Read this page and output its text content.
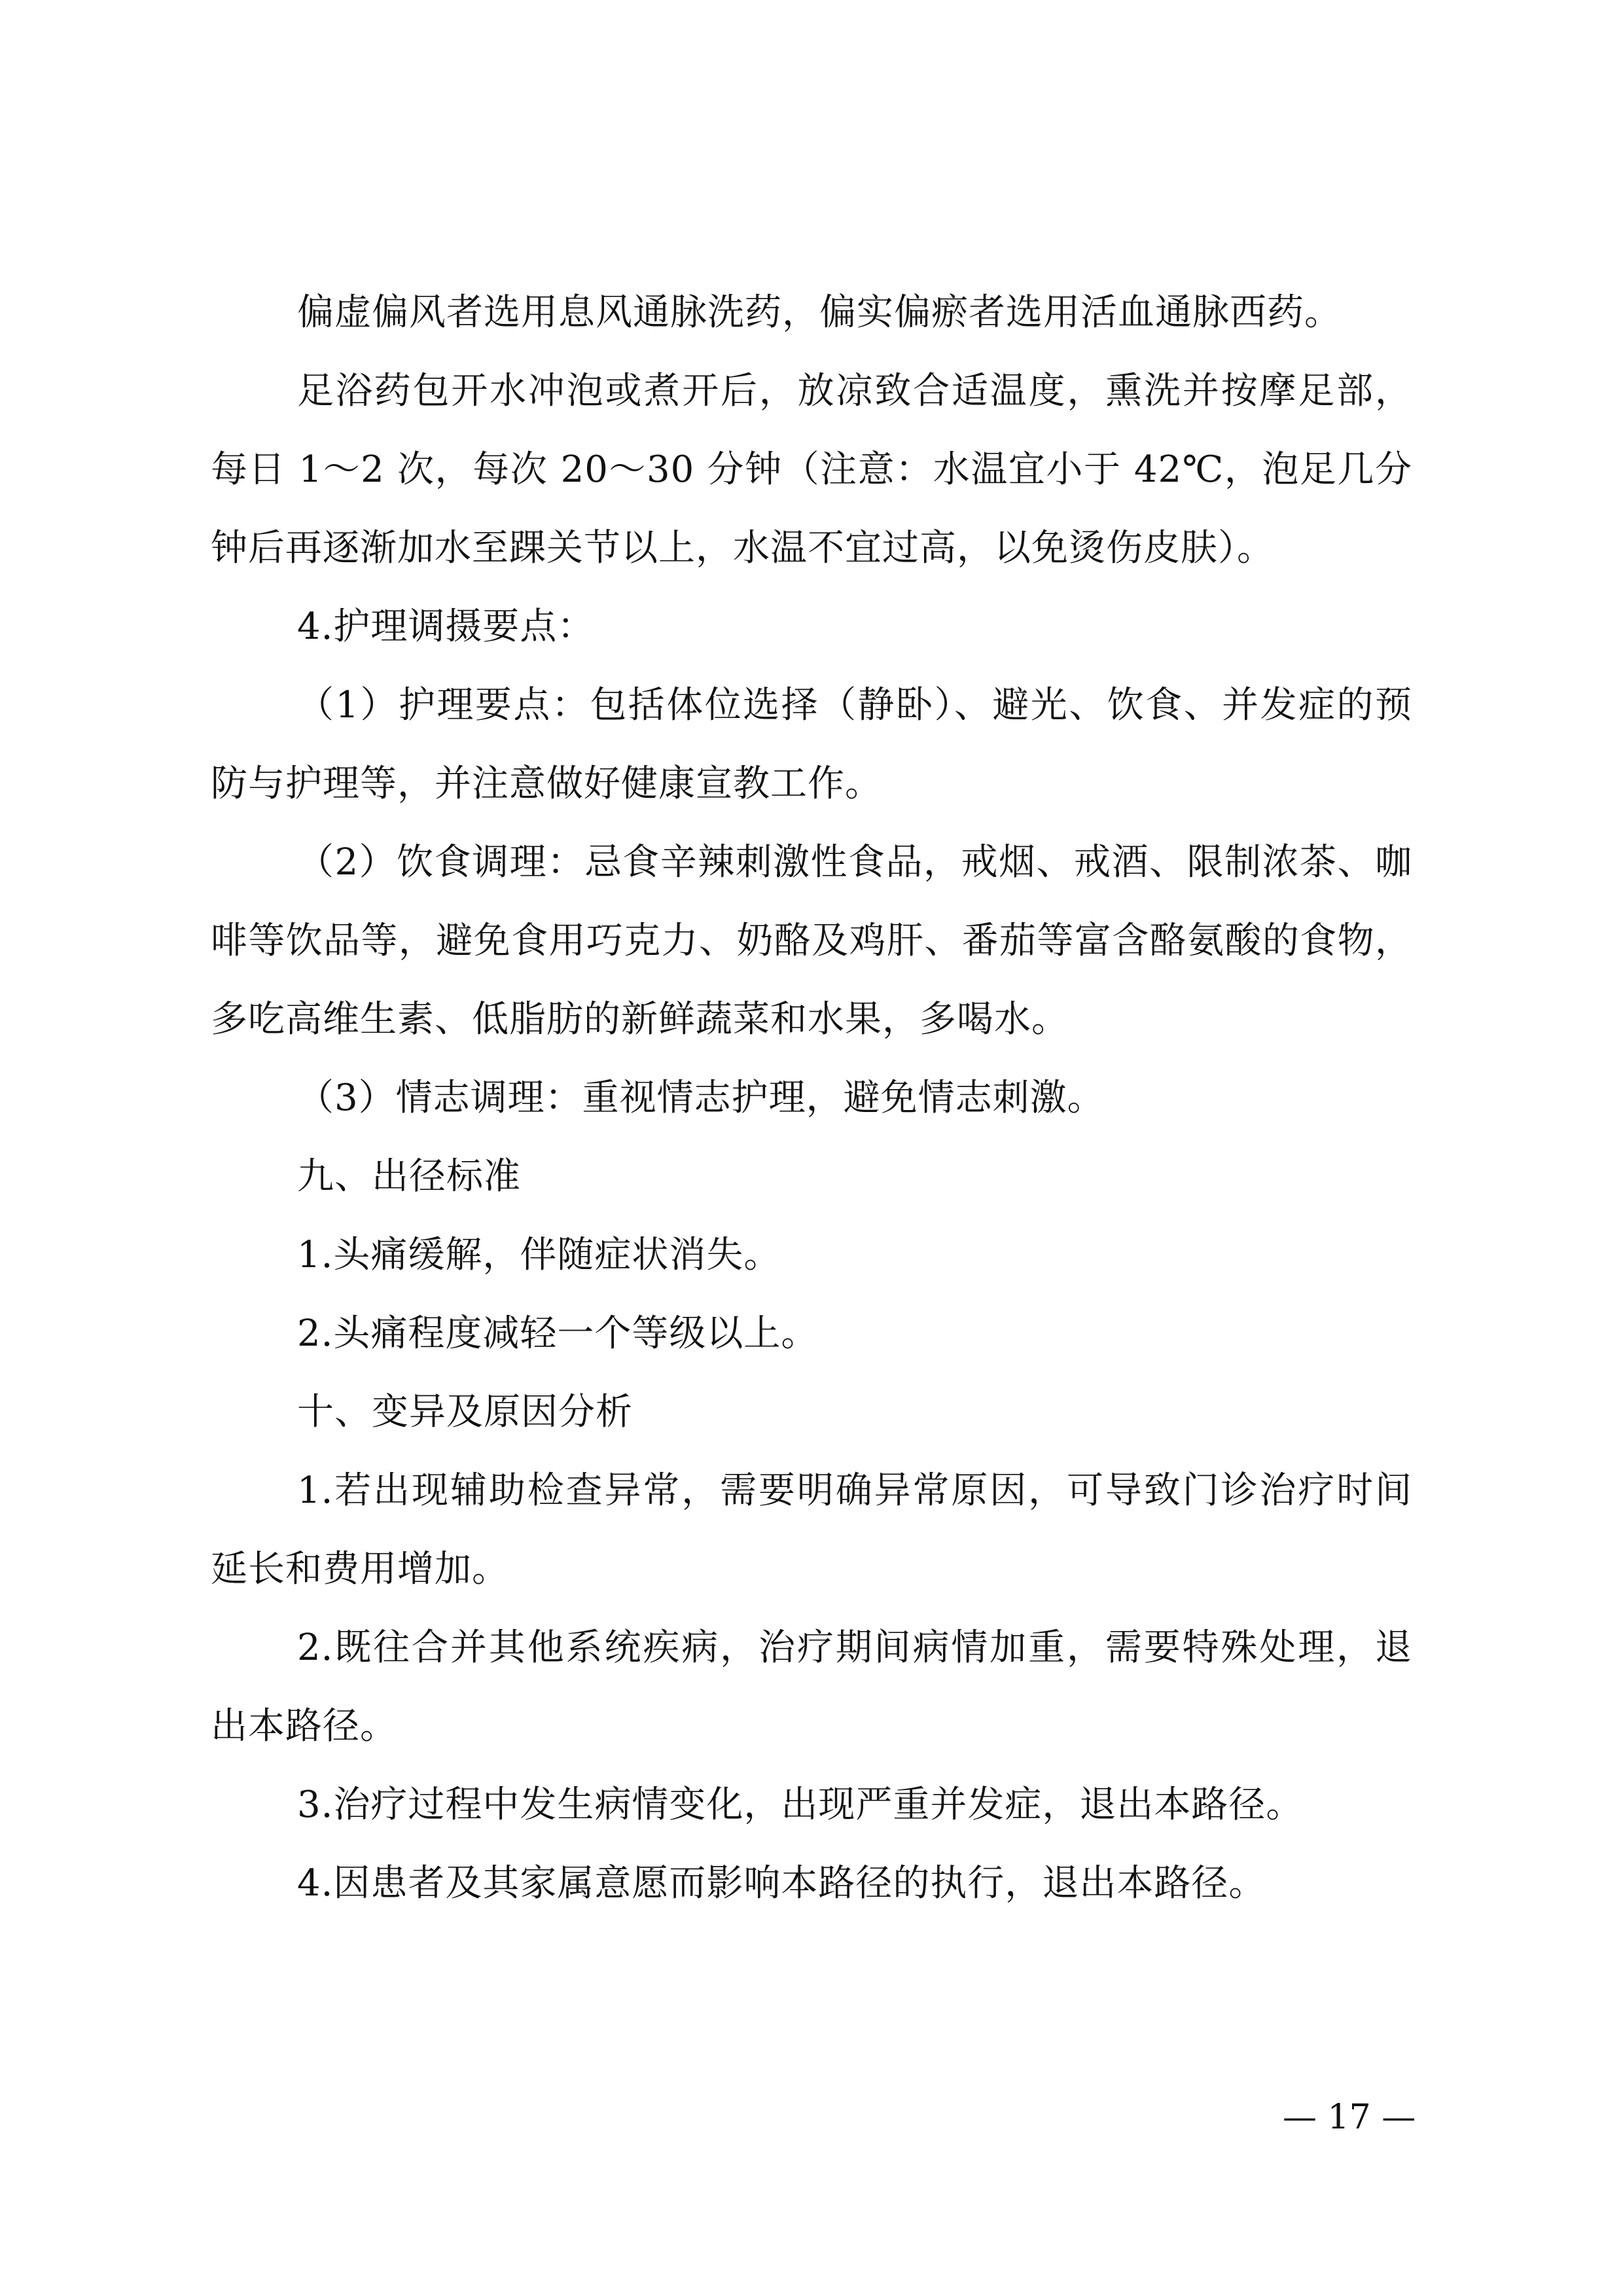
偏虚偏风者选用息风通脉洗药，偏实偏瘀者选用活血通脉西药。

足浴药包开水冲泡或煮开后，放凉致合适温度，熏洗并按摩足部，每日 1～2 次，每次 20～30 分钟（注意：水温宜小于 42℃，泡足几分钟后再逐渐加水至踝关节以上，水温不宜过高，以免烫伤皮肤）。

4.护理调摄要点：

（1）护理要点：包括体位选择（静卧）、避光、饮食、并发症的预防与护理等，并注意做好健康宣教工作。

（2）饮食调理：忌食辛辣刺激性食品，戒烟、戒酒、限制浓茶、咖啡等饮品等，避免食用巧克力、奶酪及鸡肝、番茄等富含酪氨酸的食物，多吃高维生素、低脂肪的新鲜蔬菜和水果，多喝水。

（3）情志调理：重视情志护理，避免情志刺激。

九、出径标准

1.头痛缓解，伴随症状消失。

2.头痛程度减轻一个等级以上。

十、变异及原因分析

1.若出现辅助检查异常，需要明确异常原因，可导致门诊治疗时间延长和费用增加。

2.既往合并其他系统疾病，治疗期间病情加重，需要特殊处理，退出本路径。

3.治疗过程中发生病情变化，出现严重并发症，退出本路径。

4.因患者及其家属意愿而影响本路径的执行，退出本路径。

— 17 —
